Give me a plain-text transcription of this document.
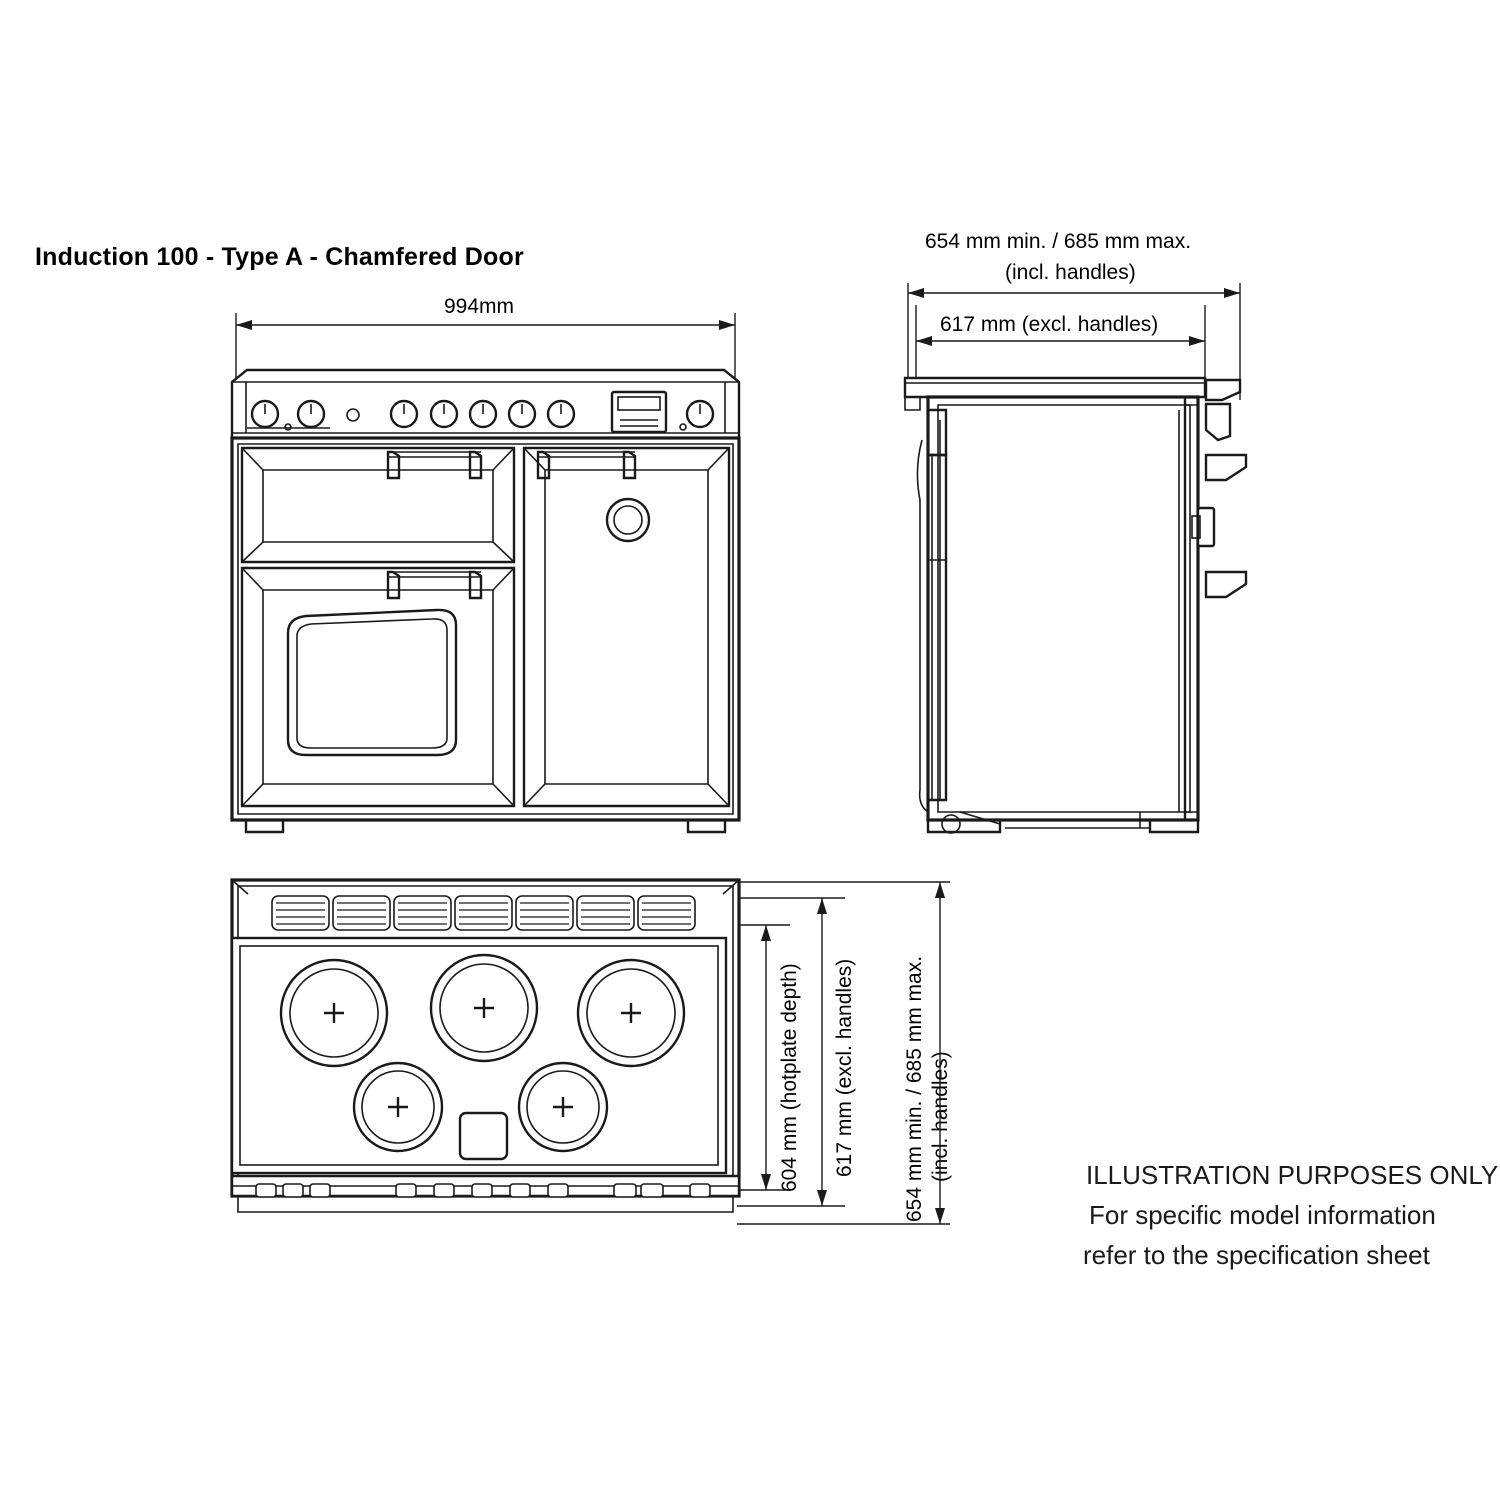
Induction 100 - Type A - Chamfered Door
994mm
654 mm min. / 685 mm max.
(incl. handles)
617 mm (excl. handles)
604 mm (hotplate depth) 617 mm (excl. handles) 654 mm min. / 685 mm max. (incl. handles)	ILLUSTRATION PURPOSES ONLY
For specific model information
refer to the specification sheet
